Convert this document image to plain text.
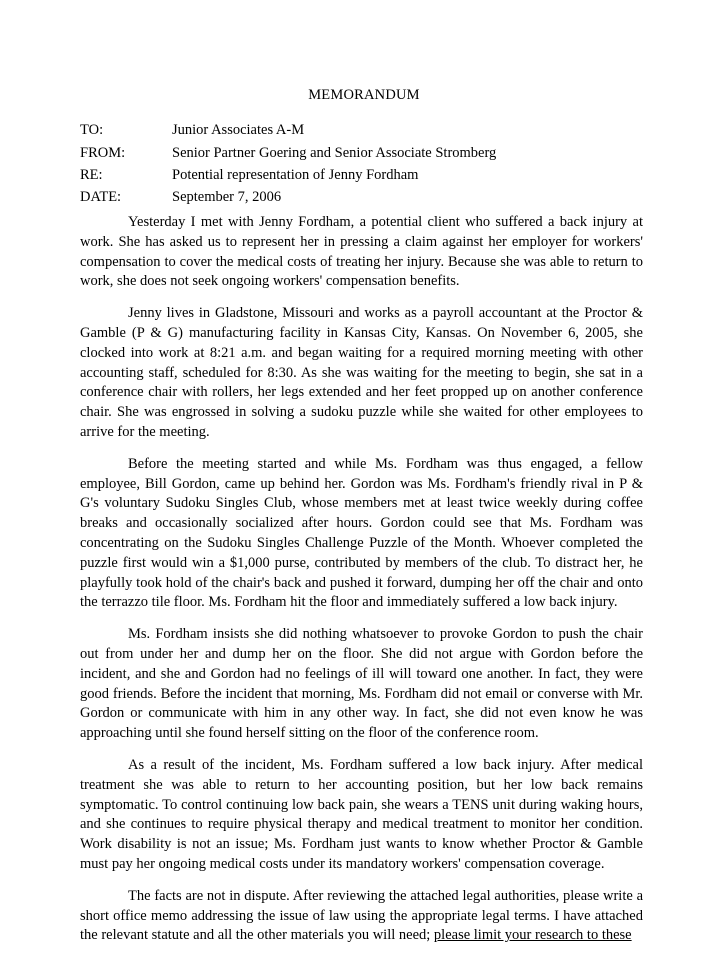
MEMORANDUM
TO:	Junior Associates A-M
FROM:	Senior Partner Goering and Senior Associate Stromberg
RE:	Potential representation of Jenny Fordham
DATE:	September 7, 2006

Yesterday I met with Jenny Fordham, a potential client who suffered a back injury at work. She has asked us to represent her in pressing a claim against her employer for workers' compensation to cover the medical costs of treating her injury. Because she was able to return to work, she does not seek ongoing workers' compensation benefits.

Jenny lives in Gladstone, Missouri and works as a payroll accountant at the Proctor & Gamble (P & G) manufacturing facility in Kansas City, Kansas. On November 6, 2005, she clocked into work at 8:21 a.m. and began waiting for a required morning meeting with other accounting staff, scheduled for 8:30. As she was waiting for the meeting to begin, she sat in a conference chair with rollers, her legs extended and her feet propped up on another conference chair. She was engrossed in solving a sudoku puzzle while she waited for other employees to arrive for the meeting.

Before the meeting started and while Ms. Fordham was thus engaged, a fellow employee, Bill Gordon, came up behind her. Gordon was Ms. Fordham's friendly rival in P & G's voluntary Sudoku Singles Club, whose members met at least twice weekly during coffee breaks and occasionally socialized after hours. Gordon could see that Ms. Fordham was concentrating on the Sudoku Singles Challenge Puzzle of the Month. Whoever completed the puzzle first would win a $1,000 purse, contributed by members of the club. To distract her, he playfully took hold of the chair's back and pushed it forward, dumping her off the chair and onto the terrazzo tile floor. Ms. Fordham hit the floor and immediately suffered a low back injury.

Ms. Fordham insists she did nothing whatsoever to provoke Gordon to push the chair out from under her and dump her on the floor. She did not argue with Gordon before the incident, and she and Gordon had no feelings of ill will toward one another. In fact, they were good friends. Before the incident that morning, Ms. Fordham did not email or converse with Mr. Gordon or communicate with him in any other way. In fact, she did not even know he was approaching until she found herself sitting on the floor of the conference room.

As a result of the incident, Ms. Fordham suffered a low back injury. After medical treatment she was able to return to her accounting position, but her low back remains symptomatic. To control continuing low back pain, she wears a TENS unit during waking hours, and she continues to require physical therapy and medical treatment to monitor her condition. Work disability is not an issue; Ms. Fordham just wants to know whether Proctor & Gamble must pay her ongoing medical costs under its mandatory workers' compensation coverage.

The facts are not in dispute. After reviewing the attached legal authorities, please write a short office memo addressing the issue of law using the appropriate legal terms. I have attached the relevant statute and all the other materials you will need; please limit your research to these
